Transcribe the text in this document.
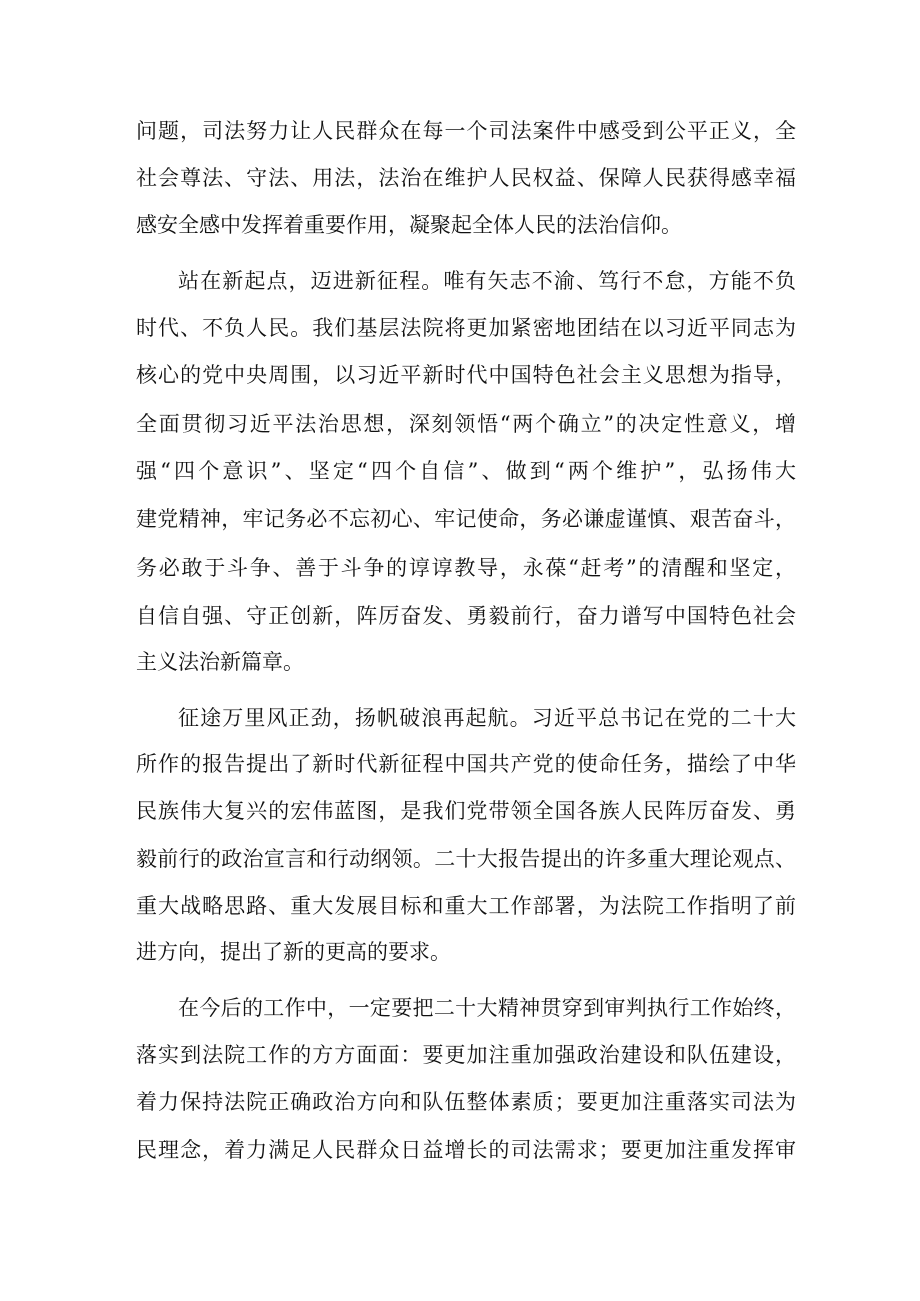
问题，司法努力让人民群众在每一个司法案件中感受到公平正义，全
社会尊法、守法、用法，法治在维护人民权益、保障人民获得感幸福
感安全感中发挥着重要作用，凝聚起全体人民的法治信仰。
站在新起点，迈进新征程。唯有矢志不渝、笃行不怠，方能不负
时代、不负人民。我们基层法院将更加紧密地团结在以习近平同志为
核心的党中央周围，以习近平新时代中国特色社会主义思想为指导，
全面贯彻习近平法治思想，深刻领悟“两个确立”的决定性意义，增
强“四个意识”、坚定“四个自信”、做到“两个维护”，弘扬伟大
建党精神，牢记务必不忘初心、牢记使命，务必谦虚谨慎、艰苦奋斗，
务必敢于斗争、善于斗争的谆谆教导，永葆“赶考”的清醒和坚定，
自信自强、守正创新，阵厉奋发、勇毅前行，奋力谱写中国特色社会
主义法治新篇章。
征途万里风正劲，扬帆破浪再起航。习近平总书记在党的二十大
所作的报告提出了新时代新征程中国共产党的使命任务，描绘了中华
民族伟大复兴的宏伟蓝图，是我们党带领全国各族人民阵厉奋发、勇
毅前行的政治宣言和行动纲领。二十大报告提出的许多重大理论观点、
重大战略思路、重大发展目标和重大工作部署，为法院工作指明了前
进方向，提出了新的更高的要求。
在今后的工作中，一定要把二十大精神贯穿到审判执行工作始终，
落实到法院工作的方方面面：要更加注重加强政治建设和队伍建设，
着力保持法院正确政治方向和队伍整体素质；要更加注重落实司法为
民理念，着力满足人民群众日益增长的司法需求；要更加注重发挥审
